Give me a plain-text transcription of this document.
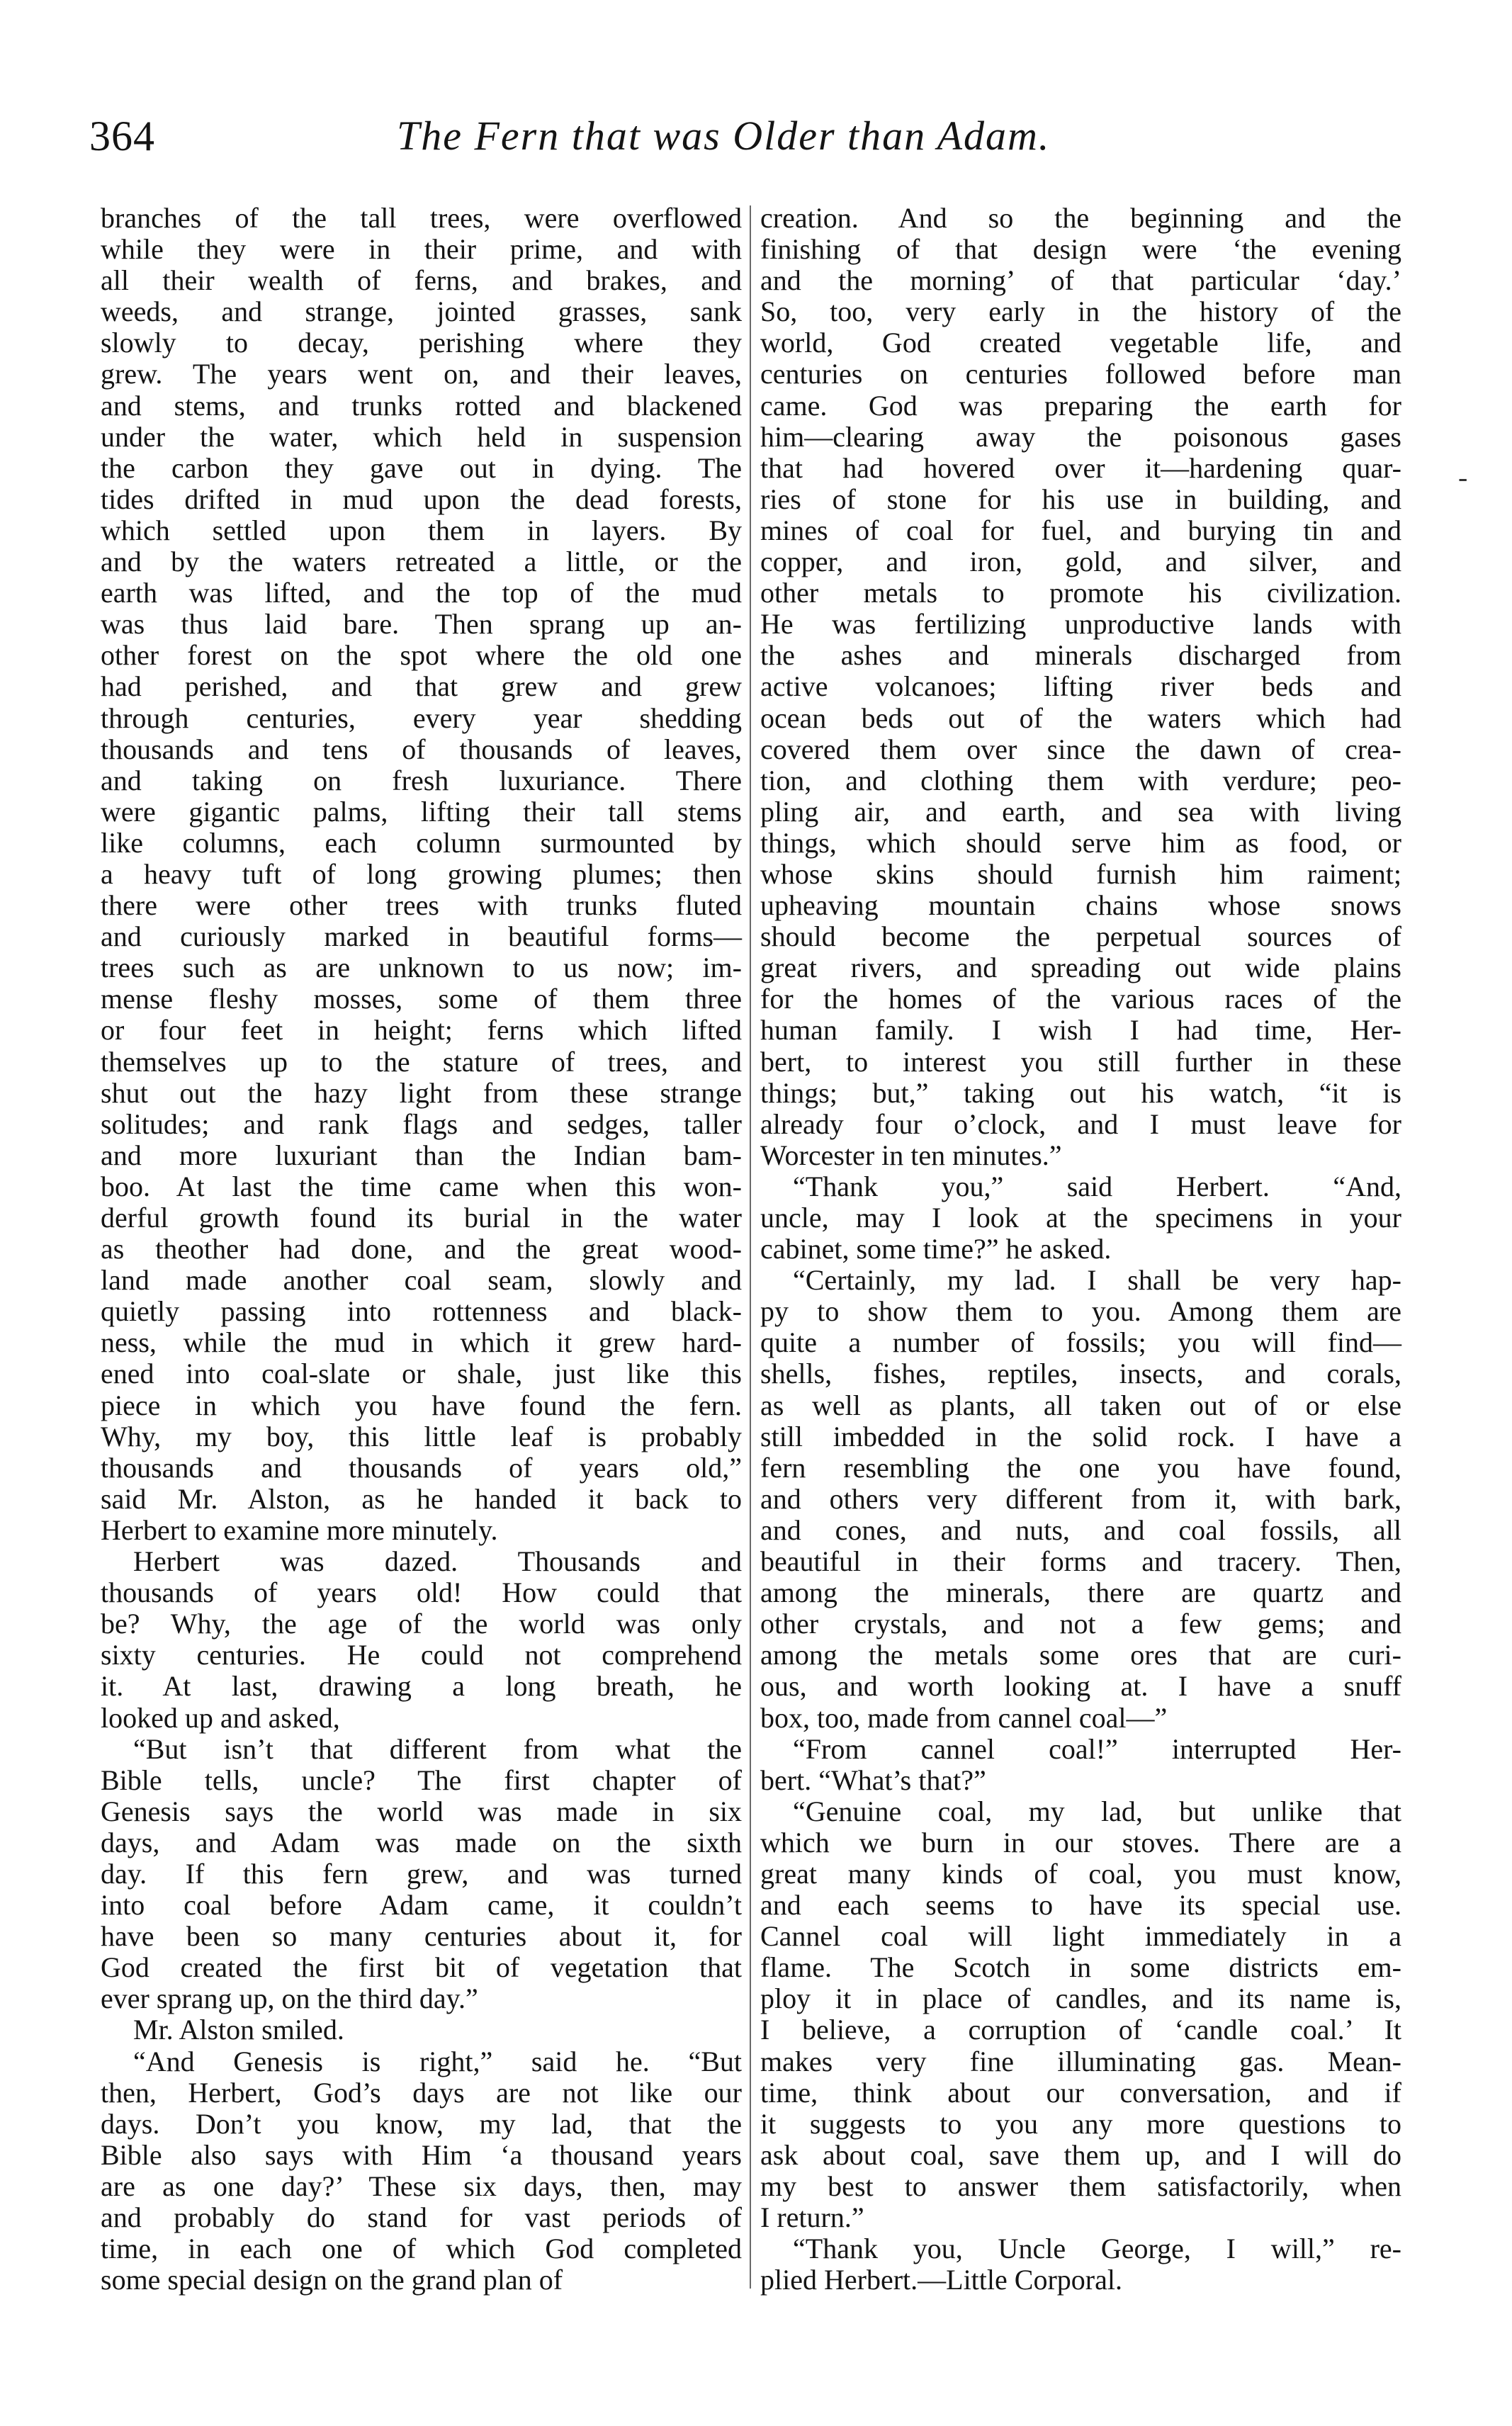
364	The Fern that was Older than Adam.

branches of the tall trees, were overflowed

while they were in their prime, and with

all their wealth of ferns, and brakes, and

weeds, and strange, jointed grasses, sank

slowly to decay, perishing where they

grew. The years went on, and their leaves,

and stems, and trunks rotted and blackened

under the water, which held in suspension

the carbon they gave out in dying. The

tides drifted in mud upon the dead forests,

which settled upon them in layers. By

and by the waters retreated a little, or the

earth was lifted, and the top of the mud

was thus laid bare. Then sprang up an-

other forest on the spot where the old one

had perished, and that grew and grew

through centuries, every year shedding

thousands and tens of thousands of leaves,

and taking on fresh luxuriance. There

were gigantic palms, lifting their tall stems

like columns, each column surmounted by

a heavy tuft of long growing plumes; then

there were other trees with trunks fluted

and curiously marked in beautiful forms—

trees such as are unknown to us now; im-

mense fleshy mosses, some of them three

or four feet in height; ferns which lifted

themselves up to the stature of trees, and

shut out the hazy light from these strange

solitudes; and rank flags and sedges, taller

and more luxuriant than the Indian bam-

boo. At last the time came when this won-

derful growth found its burial in the water

as theother had done, and the great wood-

land made another coal seam, slowly and

quietly passing into rottenness and black-

ness, while the mud in which it grew hard-

ened into coal-slate or shale, just like this

piece in which you have found the fern.

Why, my boy, this little leaf is probably

thousands and thousands of years old,”

said Mr. Alston, as he handed it back to

Herbert to examine more minutely.

Herbert was dazed. Thousands and

thousands of years old! How could that

be? Why, the age of the world was only

sixty centuries. He could not comprehend

it. At last, drawing a long breath, he

looked up and asked,

“But isn’t that different from what the

Bible tells, uncle? The first chapter of

Genesis says the world was made in six

days, and Adam was made on the sixth

day. If this fern grew, and was turned

into coal before Adam came, it couldn’t

have been so many centuries about it, for

God created the first bit of vegetation that

ever sprang up, on the third day.”

Mr. Alston smiled.

“And Genesis is right,” said he. “But

then, Herbert, God’s days are not like our

days. Don’t you know, my lad, that the

Bible also says with Him ‘a thousand years

are as one day?’ These six days, then, may

and probably do stand for vast periods of

time, in each one of which God completed

some special design on the grand plan of

creation. And so the beginning and the

finishing of that design were ‘the evening

and the morning’ of that particular ‘day.’

So, too, very early in the history of the

world, God created vegetable life, and

centuries on centuries followed before man

came. God was preparing the earth for

him—clearing away the poisonous gases

that had hovered over it—hardening quar-

ries of stone for his use in building, and

mines of coal for fuel, and burying tin and

copper, and iron, gold, and silver, and

other metals to promote his civilization.

He was fertilizing unproductive lands with

the ashes and minerals discharged from

active volcanoes; lifting river beds and

ocean beds out of the waters which had

covered them over since the dawn of crea-

tion, and clothing them with verdure; peo-

pling air, and earth, and sea with living

things, which should serve him as food, or

whose skins should furnish him raiment;

upheaving mountain chains whose snows

should become the perpetual sources of

great rivers, and spreading out wide plains

for the homes of the various races of the

human family. I wish I had time, Her-

bert, to interest you still further in these

things; but,” taking out his watch, “it is

already four o’clock, and I must leave for

Worcester in ten minutes.”

“Thank you,” said Herbert. “And,

uncle, may I look at the specimens in your

cabinet, some time?” he asked.

“Certainly, my lad. I shall be very hap-

py to show them to you. Among them are

quite a number of fossils; you will find—

shells, fishes, reptiles, insects, and corals,

as well as plants, all taken out of or else

still imbedded in the solid rock. I have a

fern resembling the one you have found,

and others very different from it, with bark,

and cones, and nuts, and coal fossils, all

beautiful in their forms and tracery. Then,

among the minerals, there are quartz and

other crystals, and not a few gems; and

among the metals some ores that are curi-

ous, and worth looking at. I have a snuff

box, too, made from cannel coal—”

“From cannel coal!” interrupted Her-

bert. “What’s that?”

“Genuine coal, my lad, but unlike that

which we burn in our stoves. There are a

great many kinds of coal, you must know,

and each seems to have its special use.

Cannel coal will light immediately in a

flame. The Scotch in some districts em-

ploy it in place of candles, and its name is,

I believe, a corruption of ‘candle coal.’ It

makes very fine illuminating gas. Mean-

time, think about our conversation, and if

it suggests to you any more questions to

ask about coal, save them up, and I will do

my best to answer them satisfactorily, when

I return.”

“Thank you, Uncle George, I will,” re-

plied Herbert.—Little Corporal.

-
